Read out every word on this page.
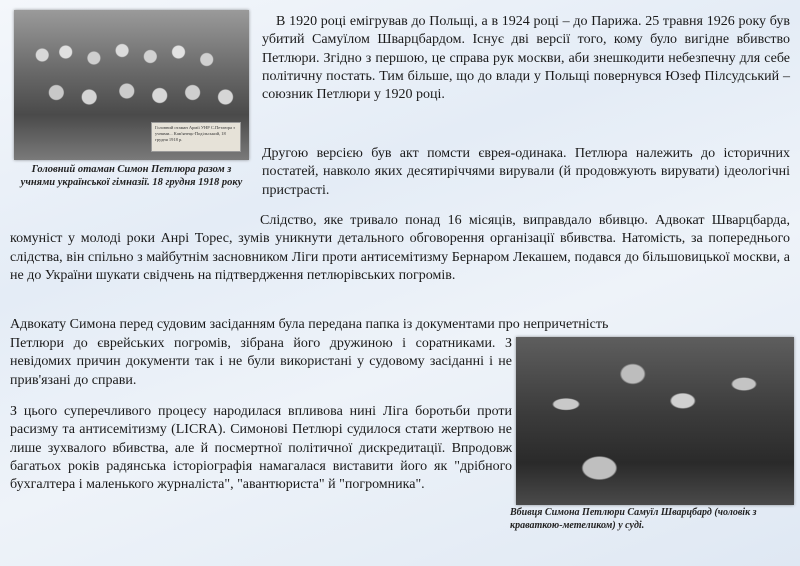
Головний отаман Армії УНР С.Петлюра з учнями... Кам'янець-Подільський, 18 грудня 1918 р.
Головний отаман Симон Петлюра разом з учнями української гімназії. 18 грудня 1918 року

В 1920 році емігрував до Польщі, а в 1924 році – до Парижа. 25 травня 1926 року був убитий Самуїлом Шварцбардом. Існує дві версії того, кому було вигідне вбивство Петлюри. Згідно з першою, це справа рук москви, аби знешкодити небезпечну для себе політичну постать. Тим більше, що до влади у Польщі повернувся Юзеф Пілсудський – союзник Петлюри у 1920 році.

Другою версією був акт помсти єврея-одинака. Петлюра належить до історичних постатей, навколо яких десятиріччями вирували (й продовжують вирувати) ідеологічні пристрасті.

Слідство, яке тривало понад 16 місяців, виправдало вбивцю. Адвокат Шварцбарда, комуніст у молоді роки Анрі Торес, зумів уникнути детального обговорення організації вбивства. Натомість, за попереднього слідства, він спільно з майбутнім засновником Ліги проти антисемітизму Бернаром Лекашем, подався до більшовицької москви, а не до України шукати свідчень на підтвердження петлюрівських погромів.

Адвокату Симона перед судовим засіданням була передана папка із документами про непричетність

Петлюри до єврейських погромів, зібрана його дружиною і соратниками. З невідомих причин документи так і не були використані у судовому засіданні і не прив'язані до справи.

З цього суперечливого процесу народилася впливова нині Ліга боротьби проти расизму та антисемітизму (LICRA). Симонові Петлюрі судилося стати жертвою не лише зухвалого вбивства, але й посмертної політичної дискредитації. Впродовж багатьох років радянська історіографія намагалася виставити його як "дрібного бухгалтера і маленького журналіста", "авантюриста" й "погромника".

Вбивця Симона Петлюри Самуїл Шварцбард (чоловік з краваткою-метеликом) у суді.
